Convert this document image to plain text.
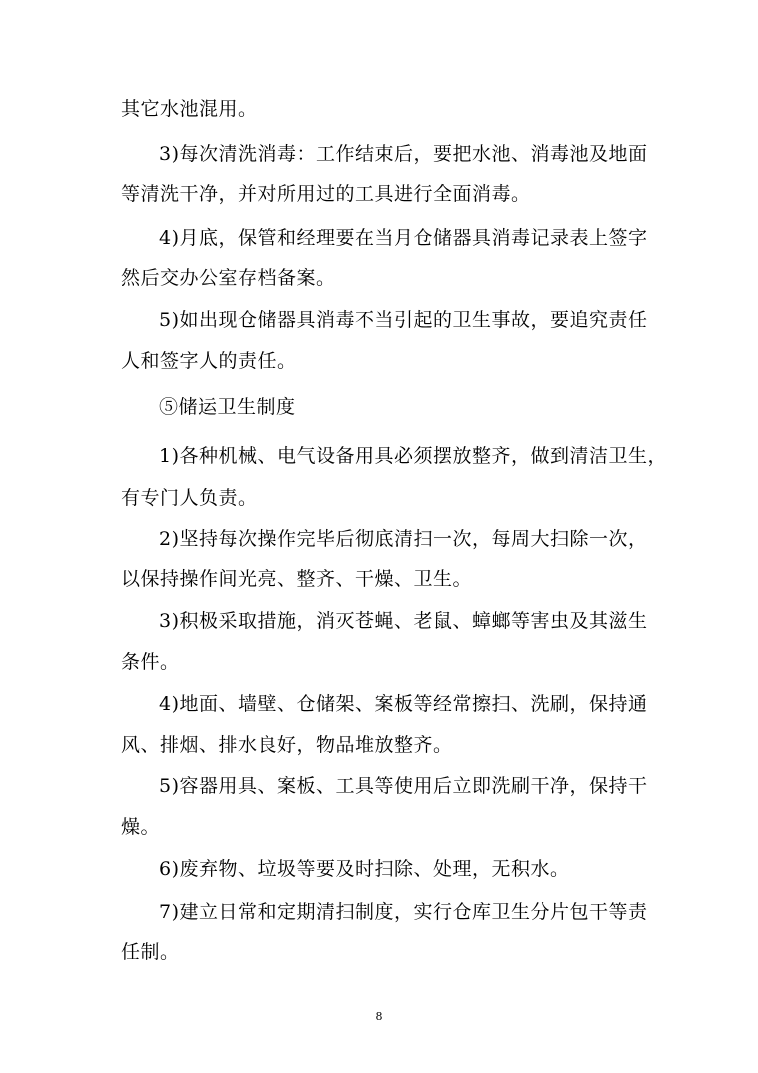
其它水池混用。
3)每次清洗消毒：工作结束后，要把水池、消毒池及地面
等清洗干净，并对所用过的工具进行全面消毒。
4)月底，保管和经理要在当月仓储器具消毒记录表上签字
然后交办公室存档备案。
5)如出现仓储器具消毒不当引起的卫生事故，要追究责任
人和签字人的责任。
⑤储运卫生制度
1)各种机械、电气设备用具必须摆放整齐，做到清洁卫生，
有专门人负责。
2)坚持每次操作完毕后彻底清扫一次，每周大扫除一次，
以保持操作间光亮、整齐、干燥、卫生。
3)积极采取措施，消灭苍蝇、老鼠、蟑螂等害虫及其滋生
条件。
4)地面、墙壁、仓储架、案板等经常擦扫、洗刷，保持通
风、排烟、排水良好，物品堆放整齐。
5)容器用具、案板、工具等使用后立即洗刷干净，保持干
燥。
6)废弃物、垃圾等要及时扫除、处理，无积水。
7)建立日常和定期清扫制度，实行仓库卫生分片包干等责
任制。
8
